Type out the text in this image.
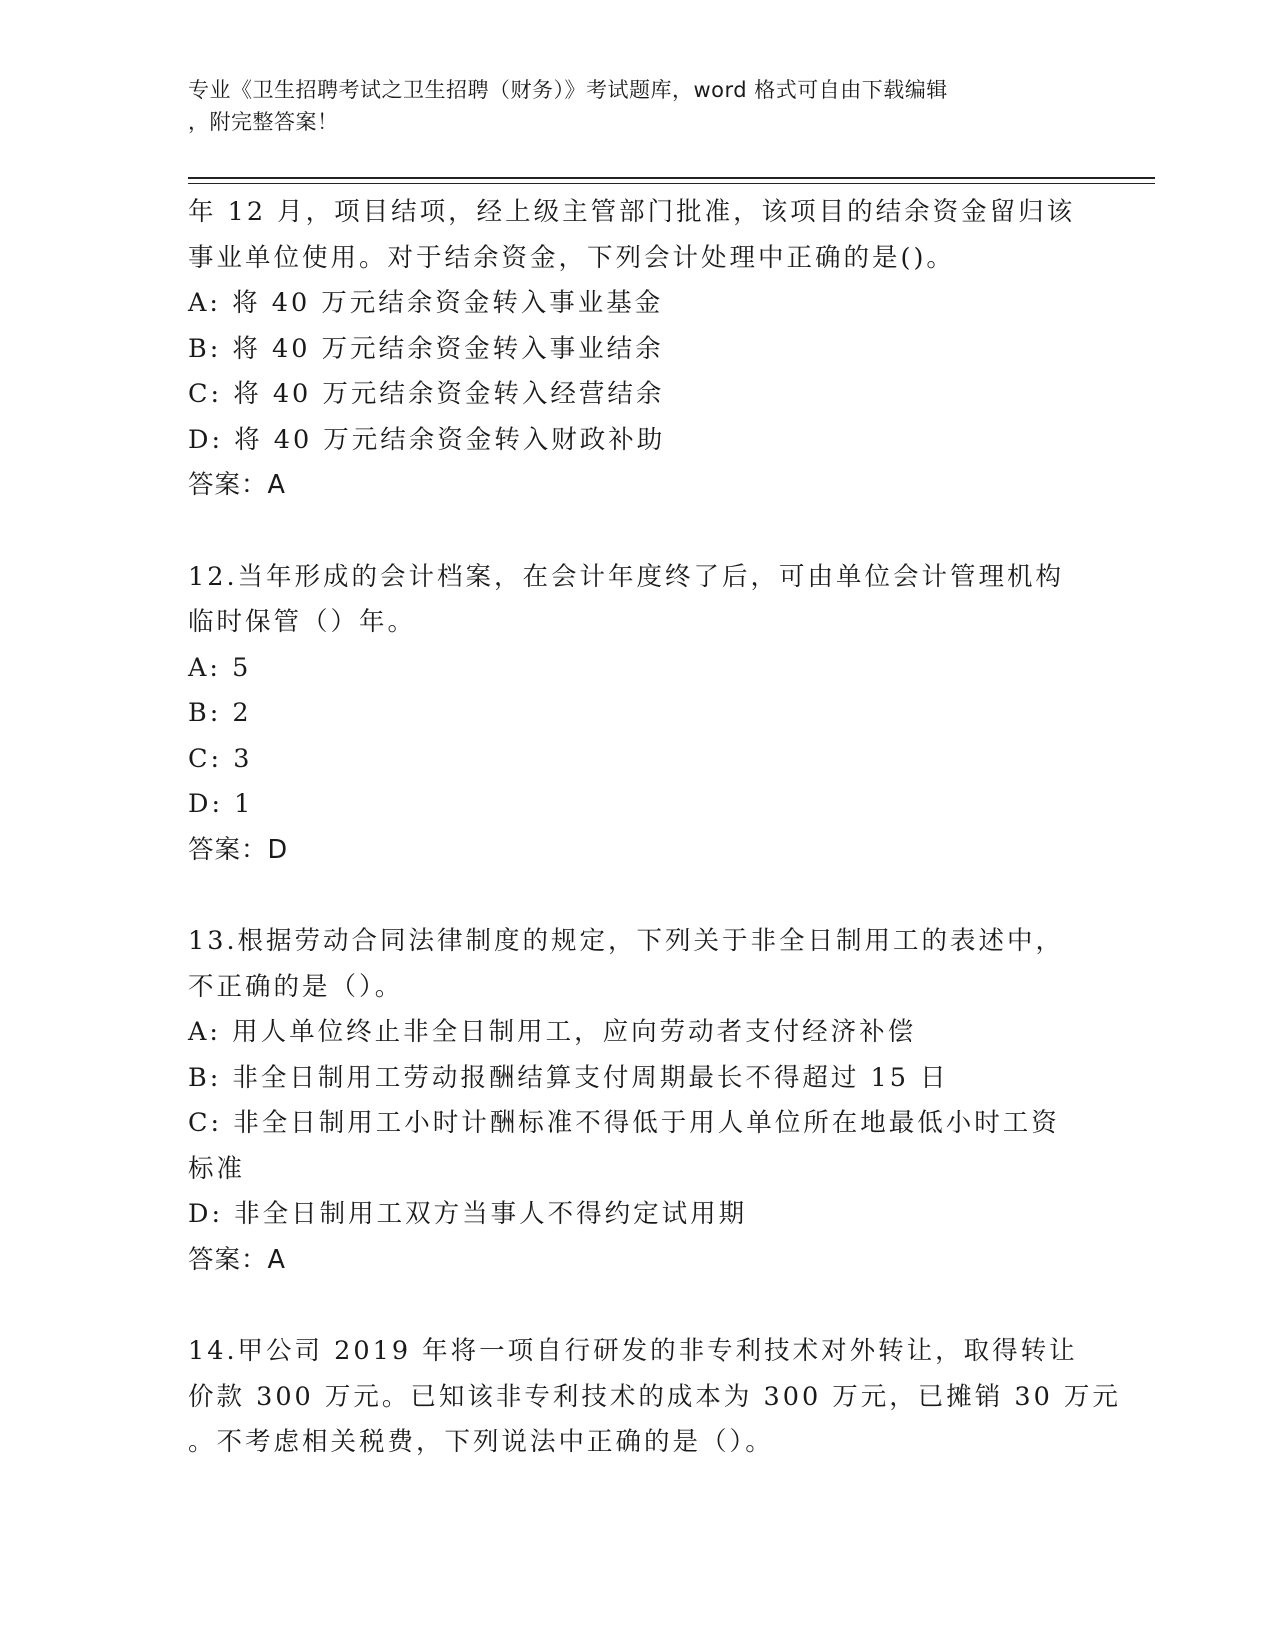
专业《卫生招聘考试之卫生招聘（财务）》考试题库，word 格式可自由下载编辑
，附完整答案！
年 12 月，项目结项，经上级主管部门批准，该项目的结余资金留归该
事业单位使用。对于结余资金，下列会计处理中正确的是()。
A: 将 40 万元结余资金转入事业基金
B: 将 40 万元结余资金转入事业结余
C: 将 40 万元结余资金转入经营结余
D: 将 40 万元结余资金转入财政补助
答案：A
12.当年形成的会计档案，在会计年度终了后，可由单位会计管理机构
临时保管（）年。
A: 5
B: 2
C: 3
D: 1
答案：D
13.根据劳动合同法律制度的规定，下列关于非全日制用工的表述中，
不正确的是（）。
A: 用人单位终止非全日制用工，应向劳动者支付经济补偿
B: 非全日制用工劳动报酬结算支付周期最长不得超过 15 日
C: 非全日制用工小时计酬标准不得低于用人单位所在地最低小时工资
标准
D: 非全日制用工双方当事人不得约定试用期
答案：A
14.甲公司 2019 年将一项自行研发的非专利技术对外转让，取得转让
价款 300 万元。已知该非专利技术的成本为 300 万元，已摊销 30 万元
。不考虑相关税费，下列说法中正确的是（）。
